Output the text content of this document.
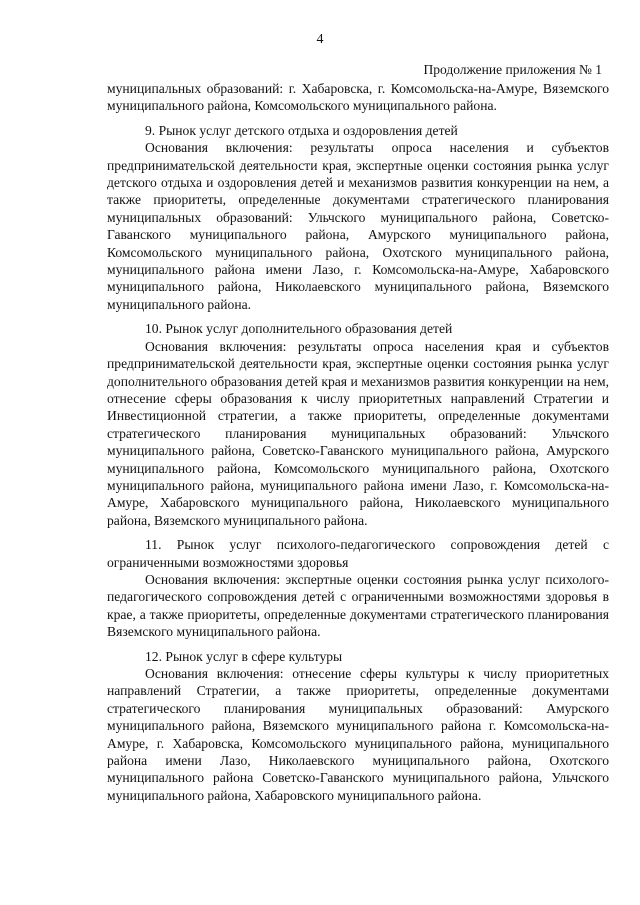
4
Продолжение приложения № 1

муниципальных образований: г. Хабаровска, г. Комсомольска-на-Амуре, Вяземского муниципального района, Комсомольского муниципального района.

9. Рынок услуг детского отдыха и оздоровления детей

Основания включения: результаты опроса населения и субъектов предпринимательской деятельности края, экспертные оценки состояния рынка услуг детского отдыха и оздоровления детей и механизмов развития конкуренции на нем, а также приоритеты, определенные документами стратегического планирования муниципальных образований: Ульчского муниципального района, Советско-Гаванского муниципального района, Амурского муниципального района, Комсомольского муниципального района, Охотского муниципального района, муниципального района имени Лазо, г. Комсомольска-на-Амуре, Хабаровского муниципального района, Николаевского муниципального района, Вяземского муниципального района.

10. Рынок услуг дополнительного образования детей

Основания включения: результаты опроса населения края и субъектов предпринимательской деятельности края, экспертные оценки состояния рынка услуг дополнительного образования детей края и механизмов развития конкуренции на нем, отнесение сферы образования к числу приоритетных направлений Стратегии и Инвестиционной стратегии, а также приоритеты, определенные документами стратегического планирования муниципальных образований: Ульчского муниципального района, Советско-Гаванского муниципального района, Амурского муниципального района, Комсомольского муниципального района, Охотского муниципального района, муниципального района имени Лазо, г. Комсомольска-на-Амуре, Хабаровского муниципального района, Николаевского муниципального района, Вяземского муниципального района.

11. Рынок услуг психолого-педагогического сопровождения детей с ограниченными возможностями здоровья

Основания включения: экспертные оценки состояния рынка услуг психолого-педагогического сопровождения детей с ограниченными возможностями здоровья в крае, а также приоритеты, определенные документами стратегического планирования Вяземского муниципального района.

12. Рынок услуг в сфере культуры

Основания включения: отнесение сферы культуры к числу приоритетных направлений Стратегии, а также приоритеты, определенные документами стратегического планирования муниципальных образований: Амурского муниципального района, Вяземского муниципального района г. Комсомольска-на-Амуре, г. Хабаровска, Комсомольского муниципального района, муниципального района имени Лазо, Николаевского муниципального района, Охотского муниципального района Советско-Гаванского муниципального района, Ульчского муниципального района, Хабаровского муниципального района.
